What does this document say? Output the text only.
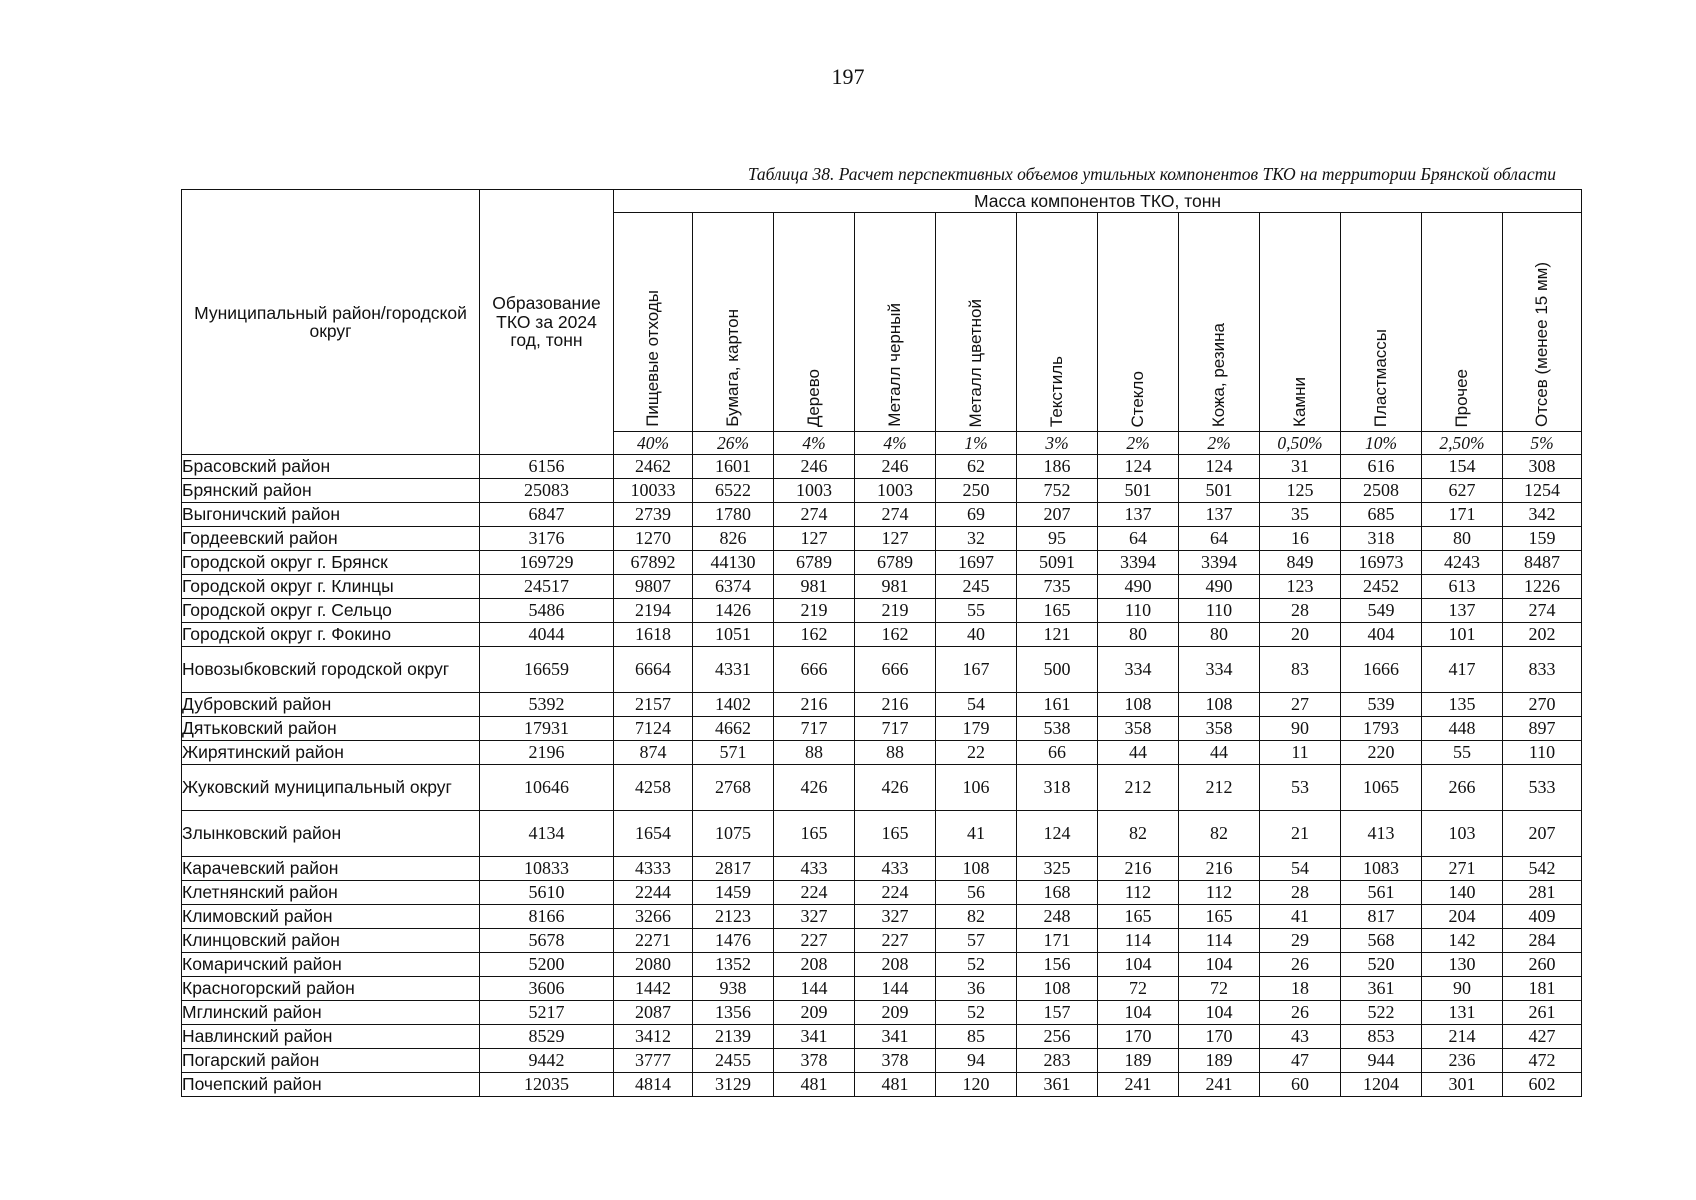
197
Таблица 38. Расчет перспективных объемов утильных компонентов ТКО на территории Брянской области
Муниципальный район/городской округ	Образование ТКО за 2024 год, тонн	Масса компонентов ТКО, тонн											
		Пищевые отходы	Бумага, картон	Дерево	Металл черный	Металл цветной	Текстиль	Стекло	Кожа, резина	Камни	Пластмассы	Прочее	Отсев (менее 15 мм)
		40%	26%	4%	4%	1%	3%	2%	2%	0,50%	10%	2,50%	5%
Брасовский район	6156	2462	1601	246	246	62	186	124	124	31	616	154	308
Брянский район	25083	10033	6522	1003	1003	250	752	501	501	125	2508	627	1254
Выгоничский район	6847	2739	1780	274	274	69	207	137	137	35	685	171	342
Гордеевский район	3176	1270	826	127	127	32	95	64	64	16	318	80	159
Городской округ г. Брянск	169729	67892	44130	6789	6789	1697	5091	3394	3394	849	16973	4243	8487
Городской округ г. Клинцы	24517	9807	6374	981	981	245	735	490	490	123	2452	613	1226
Городской округ г. Сельцо	5486	2194	1426	219	219	55	165	110	110	28	549	137	274
Городской округ г. Фокино	4044	1618	1051	162	162	40	121	80	80	20	404	101	202
Новозыбковский городской округ	16659	6664	4331	666	666	167	500	334	334	83	1666	417	833
Дубровский район	5392	2157	1402	216	216	54	161	108	108	27	539	135	270
Дятьковский район	17931	7124	4662	717	717	179	538	358	358	90	1793	448	897
Жирятинский район	2196	874	571	88	88	22	66	44	44	11	220	55	110
Жуковский муниципальный округ	10646	4258	2768	426	426	106	318	212	212	53	1065	266	533
Злынковский район	4134	1654	1075	165	165	41	124	82	82	21	413	103	207
Карачевский район	10833	4333	2817	433	433	108	325	216	216	54	1083	271	542
Клетнянский район	5610	2244	1459	224	224	56	168	112	112	28	561	140	281
Климовский район	8166	3266	2123	327	327	82	248	165	165	41	817	204	409
Клинцовский район	5678	2271	1476	227	227	57	171	114	114	29	568	142	284
Комаричский район	5200	2080	1352	208	208	52	156	104	104	26	520	130	260
Красногорский район	3606	1442	938	144	144	36	108	72	72	18	361	90	181
Мглинский район	5217	2087	1356	209	209	52	157	104	104	26	522	131	261
Навлинский район	8529	3412	2139	341	341	85	256	170	170	43	853	214	427
Погарский район	9442	3777	2455	378	378	94	283	189	189	47	944	236	472
Почепский район	12035	4814	3129	481	481	120	361	241	241	60	1204	301	602
